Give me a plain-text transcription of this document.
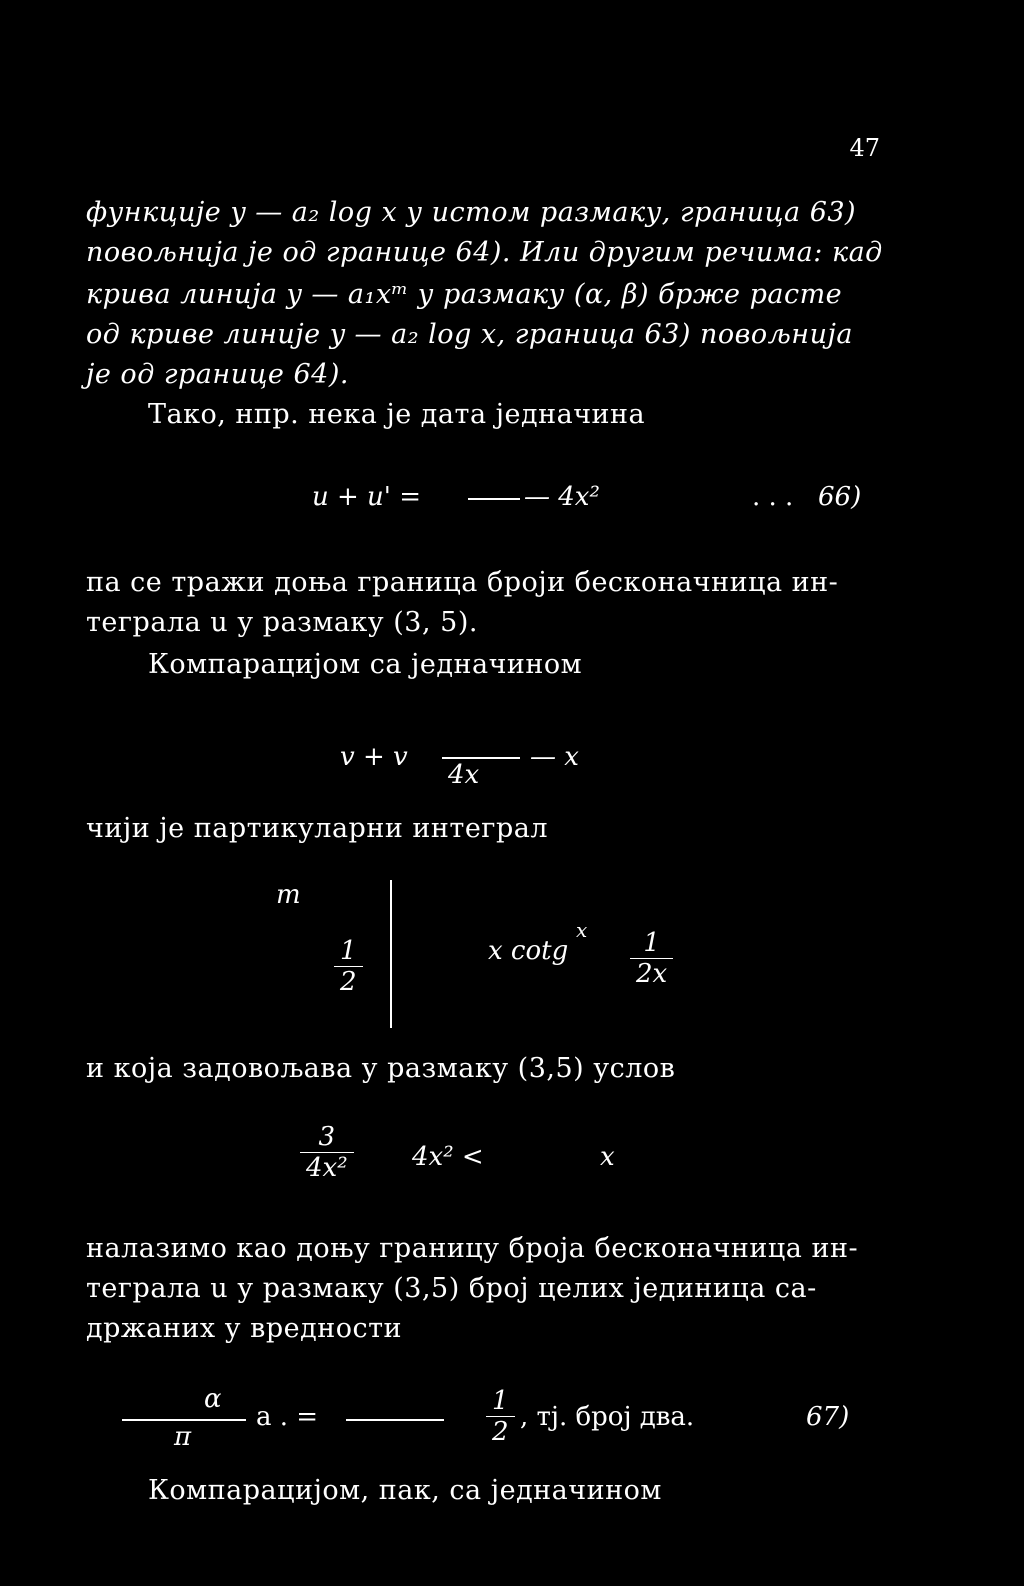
47
функције y — a₂ log x у истом размаку, граница 63)
повољнија је од границе 64). Или другим речима: кад
крива линија y — a₁xᵐ у размаку (α, β) брже расте
од криве линије y — a₂ log x, граница 63) повољнија
је од границе 64).
Тако, нпр. нека је дата једначина
u + u' =	— 4x²	. . . 66)
па се тражи доња граница броји бесконачница ин-
теграла u у размаку (3, 5).
Компарацијом са једначином
v + v
4x
— x
чији је партикуларни интеграл
m
$\frac{1}{2}$	x cotg
x $\frac{1}{2x}$
и која задовољава у размаку (3,5) услов
$\frac{3}{\text{4x²}} 4x^2$ <	x
налазимо као доњу границу броја бесконачница ин-
теграла u у размаку (3,5) број целих јединица са-
држаних у вредности
α
π
a . =	$\frac{1}{2}$ , тј. број два.	67)
Компарацијом, пак, са једначином
